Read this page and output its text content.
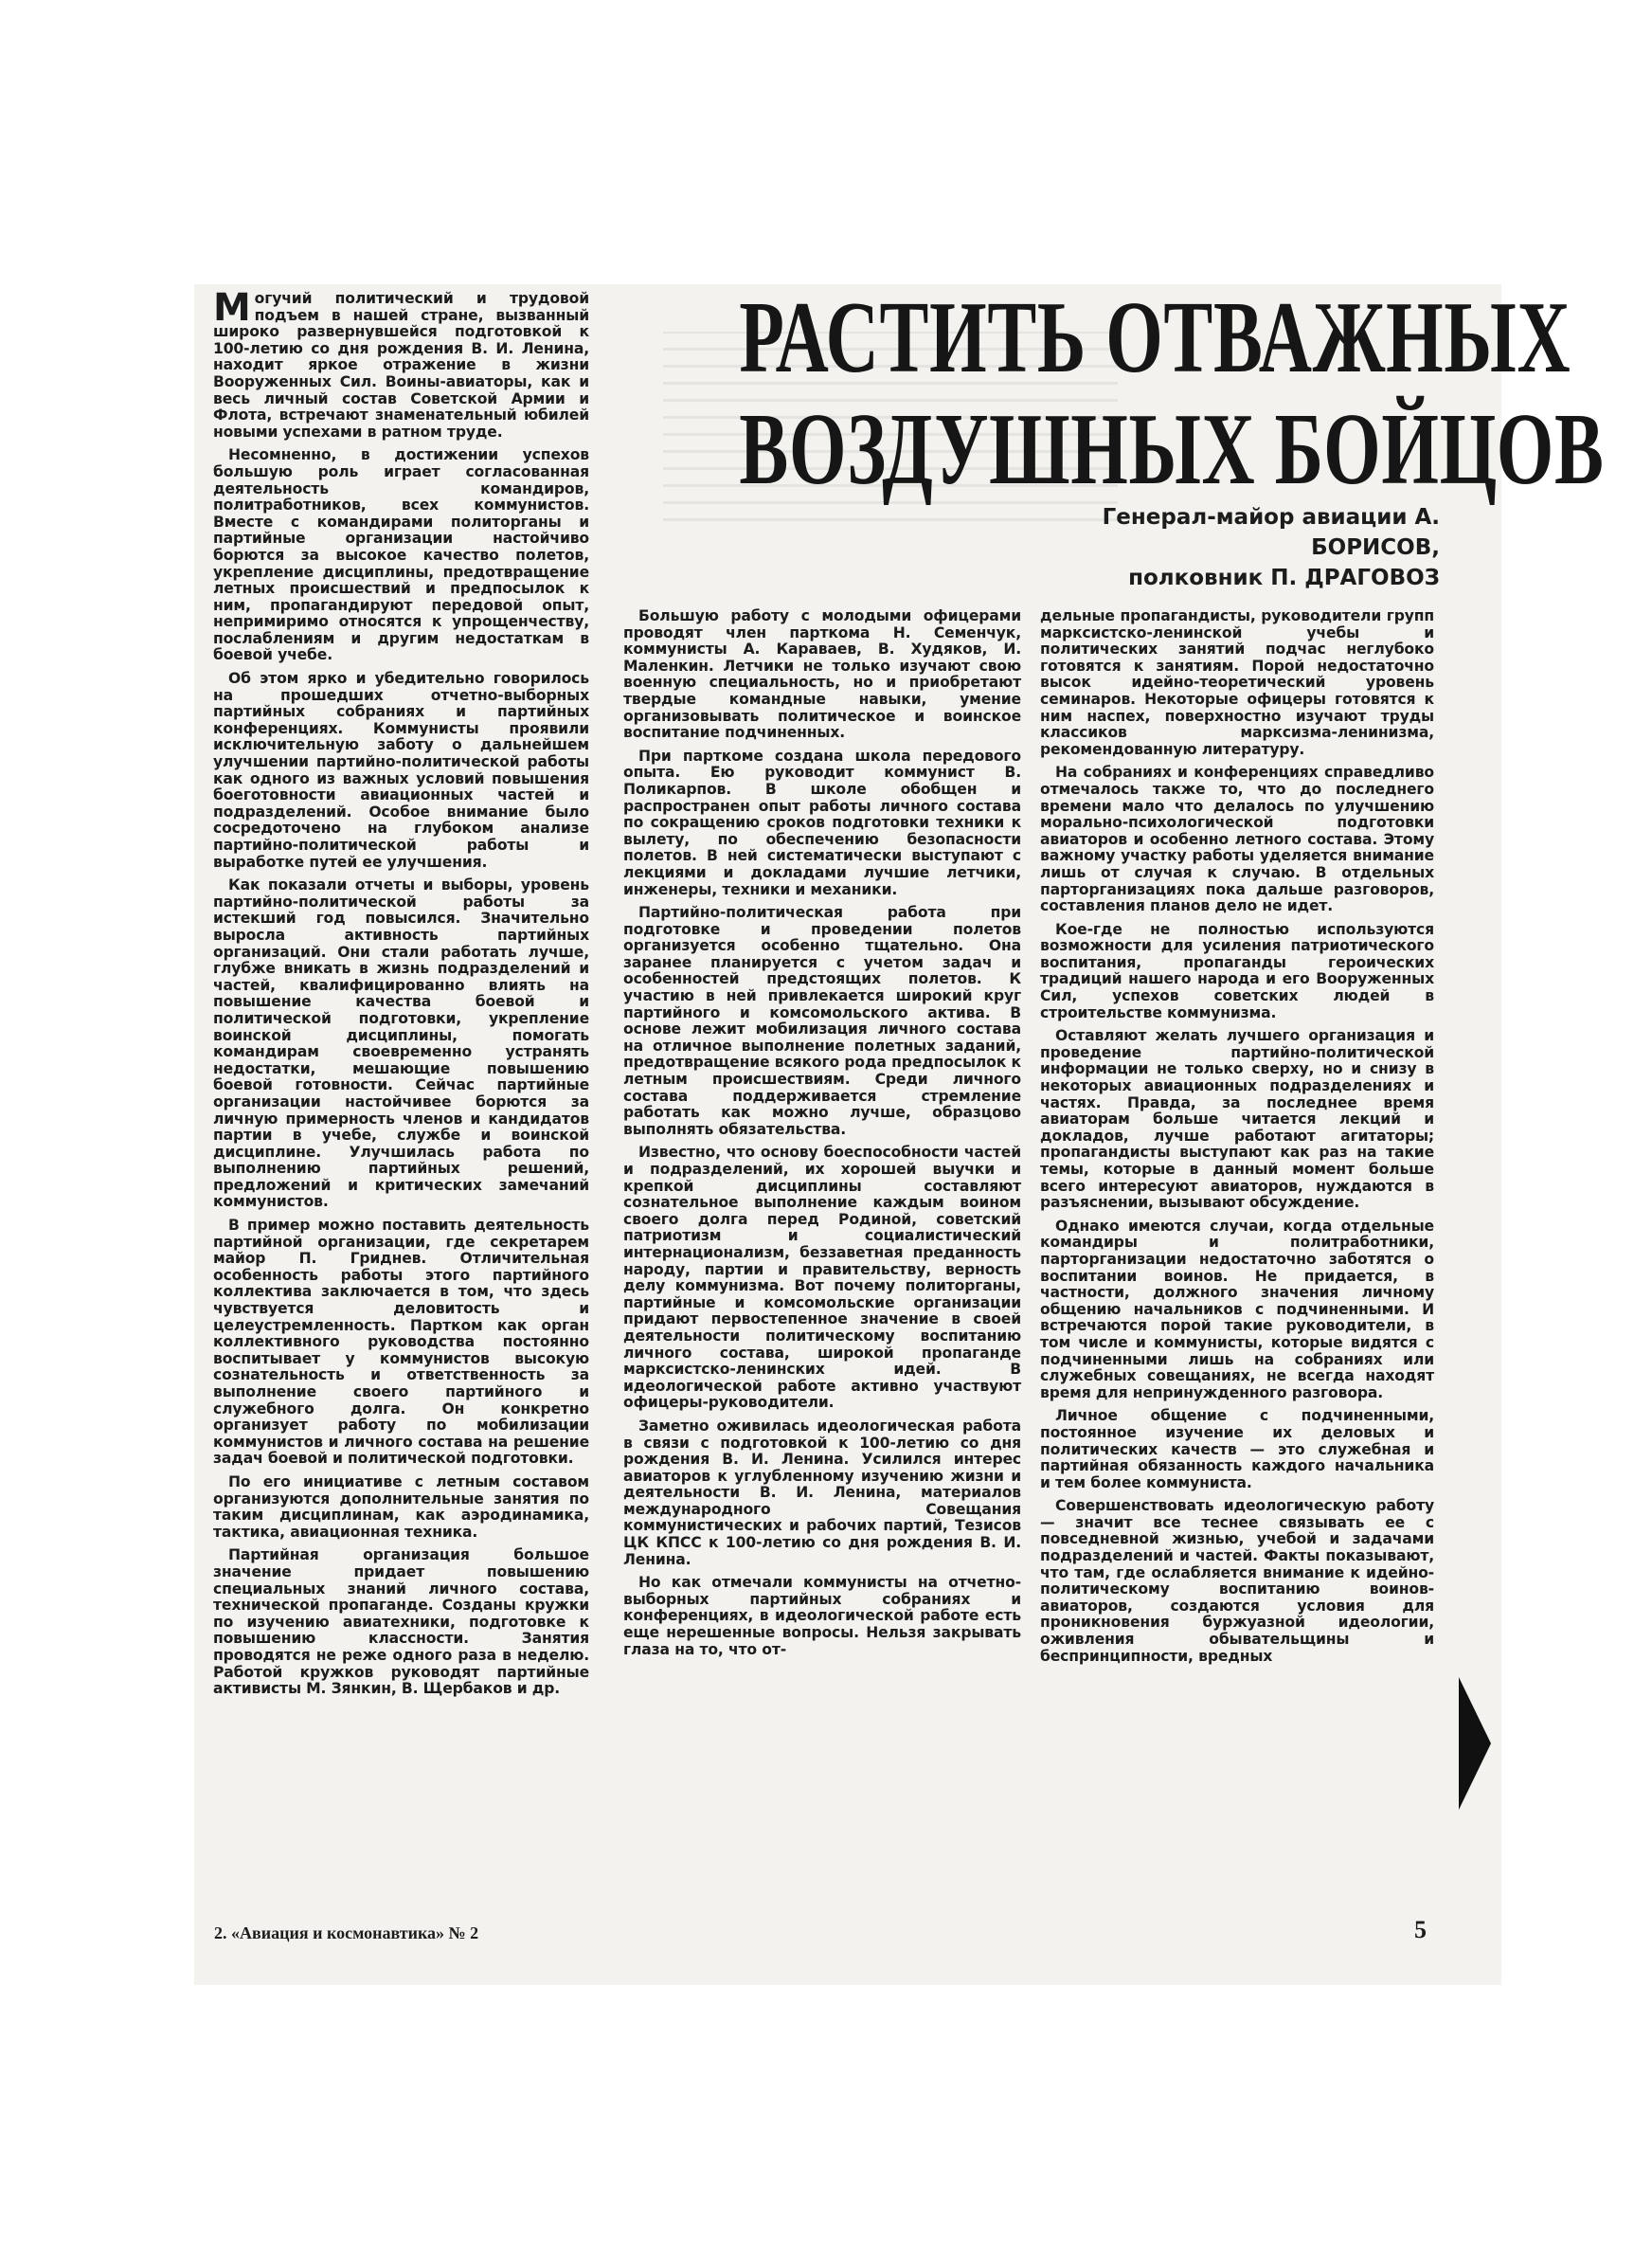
РАСТИТЬ ОТВАЖНЫХ
ВОЗДУШНЫХ БОЙЦОВ
Генерал-майор авиации А. БОРИСОВ,
полковник П. ДРАГОВОЗ

Могучий политический и трудовой подъем в нашей стране, вызванный широко развернувшейся подготовкой к 100-летию со дня рождения В. И. Ленина, находит яркое отражение в жизни Вооруженных Сил. Воины-авиаторы, как и весь личный состав Советской Армии и Флота, встречают знаменательный юбилей новыми успехами в ратном труде.

Несомненно, в достижении успехов большую роль играет согласованная деятельность командиров, политработников, всех коммунистов. Вместе с командирами политорганы и партийные организации настойчиво борются за высокое качество полетов, укрепление дисциплины, предотвращение летных происшествий и предпосылок к ним, пропагандируют передовой опыт, непримиримо относятся к упрощенчеству, послаблениям и другим недостаткам в боевой учебе.

Об этом ярко и убедительно говорилось на прошедших отчетно-выборных партийных собраниях и партийных конференциях. Коммунисты проявили исключительную заботу о дальнейшем улучшении партийно-политической работы как одного из важных условий повышения боеготовности авиационных частей и подразделений. Особое внимание было сосредоточено на глубоком анализе партийно-политической работы и выработке путей ее улучшения.

Как показали отчеты и выборы, уровень партийно-политической работы за истекший год повысился. Значительно выросла активность партийных организаций. Они стали работать лучше, глубже вникать в жизнь подразделений и частей, квалифицированно влиять на повышение качества боевой и политической подготовки, укрепление воинской дисциплины, помогать командирам своевременно устранять недостатки, мешающие повышению боевой готовности. Сейчас партийные организации настойчивее борются за личную примерность членов и кандидатов партии в учебе, службе и воинской дисциплине. Улучшилась работа по выполнению партийных решений, предложений и критических замечаний коммунистов.

В пример можно поставить деятельность партийной организации, где секретарем майор П. Гриднев. Отличительная особенность работы этого партийного коллектива заключается в том, что здесь чувствуется деловитость и целеустремленность. Партком как орган коллективного руководства постоянно воспитывает у коммунистов высокую сознательность и ответственность за выполнение своего партийного и служебного долга. Он конкретно организует работу по мобилизации коммунистов и личного состава на решение задач боевой и политической подготовки.

По его инициативе с летным составом организуются дополнительные занятия по таким дисциплинам, как аэродинамика, тактика, авиационная техника.

Партийная организация большое значение придает повышению специальных знаний личного состава, технической пропаганде. Созданы кружки по изучению авиатехники, подготовке к повышению классности. Занятия проводятся не реже одного раза в неделю. Работой кружков руководят партийные активисты М. Зянкин, В. Щербаков и др.

Большую работу с молодыми офицерами проводят член парткома Н. Семенчук, коммунисты А. Караваев, В. Худяков, И. Маленкин. Летчики не только изучают свою военную специальность, но и приобретают твердые командные навыки, умение организовывать политическое и воинское воспитание подчиненных.

При парткоме создана школа передового опыта. Ею руководит коммунист В. Поликарпов. В школе обобщен и распространен опыт работы личного состава по сокращению сроков подготовки техники к вылету, по обеспечению безопасности полетов. В ней систематически выступают с лекциями и докладами лучшие летчики, инженеры, техники и механики.

Партийно-политическая работа при подготовке и проведении полетов организуется особенно тщательно. Она заранее планируется с учетом задач и особенностей предстоящих полетов. К участию в ней привлекается широкий круг партийного и комсомольского актива. В основе лежит мобилизация личного состава на отличное выполнение полетных заданий, предотвращение всякого рода предпосылок к летным происшествиям. Среди личного состава поддерживается стремление работать как можно лучше, образцово выполнять обязательства.

Известно, что основу боеспособности частей и подразделений, их хорошей выучки и крепкой дисциплины составляют сознательное выполнение каждым воином своего долга перед Родиной, советский патриотизм и социалистический интернационализм, беззаветная преданность народу, партии и правительству, верность делу коммунизма. Вот почему политорганы, партийные и комсомольские организации придают первостепенное значение в своей деятельности политическому воспитанию личного состава, широкой пропаганде марксистско-ленинских идей. В идеологической работе активно участвуют офицеры-руководители.

Заметно оживилась идеологическая работа в связи с подготовкой к 100-летию со дня рождения В. И. Ленина. Усилился интерес авиаторов к углубленному изучению жизни и деятельности В. И. Ленина, материалов международного Совещания коммунистических и рабочих партий, Тезисов ЦК КПСС к 100-летию со дня рождения В. И. Ленина.

Но как отмечали коммунисты на отчетно-выборных партийных собраниях и конференциях, в идеологической работе есть еще нерешенные вопросы. Нельзя закрывать глаза на то, что от-

дельные пропагандисты, руководители групп марксистско-ленинской учебы и политических занятий подчас неглубоко готовятся к занятиям. Порой недостаточно высок идейно-теоретический уровень семинаров. Некоторые офицеры готовятся к ним наспех, поверхностно изучают труды классиков марксизма-ленинизма, рекомендованную литературу.

На собраниях и конференциях справедливо отмечалось также то, что до последнего времени мало что делалось по улучшению морально-психологической подготовки авиаторов и особенно летного состава. Этому важному участку работы уделяется внимание лишь от случая к случаю. В отдельных парторганизациях пока дальше разговоров, составления планов дело не идет.

Кое-где не полностью используются возможности для усиления патриотического воспитания, пропаганды героических традиций нашего народа и его Вооруженных Сил, успехов советских людей в строительстве коммунизма.

Оставляют желать лучшего организация и проведение партийно-политической информации не только сверху, но и снизу в некоторых авиационных подразделениях и частях. Правда, за последнее время авиаторам больше читается лекций и докладов, лучше работают агитаторы; пропагандисты выступают как раз на такие темы, которые в данный момент больше всего интересуют авиаторов, нуждаются в разъяснении, вызывают обсуждение.

Однако имеются случаи, когда отдельные командиры и политработники, парторганизации недостаточно заботятся о воспитании воинов. Не придается, в частности, должного значения личному общению начальников с подчиненными. И встречаются порой такие руководители, в том числе и коммунисты, которые видятся с подчиненными лишь на собраниях или служебных совещаниях, не всегда находят время для непринужденного разговора.

Личное общение с подчиненными, постоянное изучение их деловых и политических качеств — это служебная и партийная обязанность каждого начальника и тем более коммуниста.

Совершенствовать идеологическую работу — значит все теснее связывать ее с повседневной жизнью, учебой и задачами подразделений и частей. Факты показывают, что там, где ослабляется внимание к идейно-политическому воспитанию воинов-авиаторов, создаются условия для проникновения буржуазной идеологии, оживления обывательщины и беспринципности, вредных

2. «Авиация и космонавтика» № 2	5
